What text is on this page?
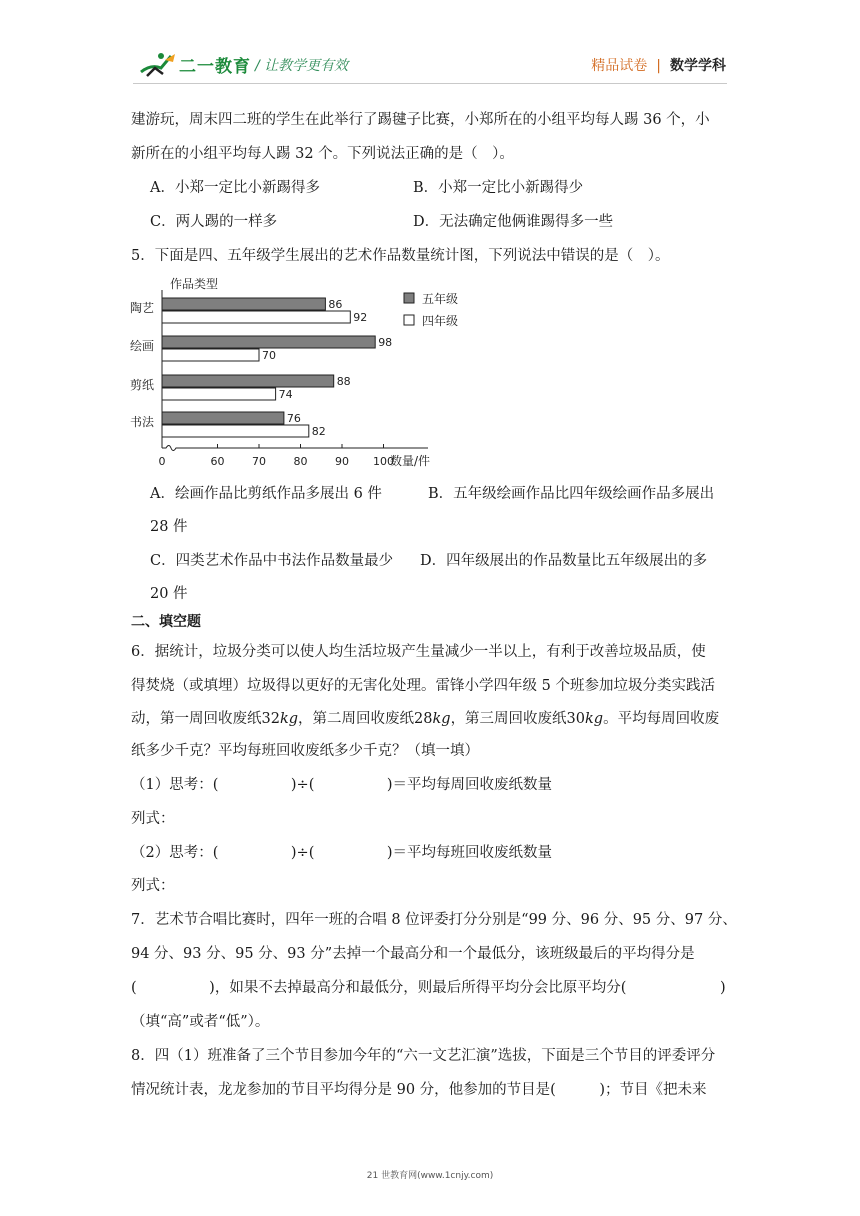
二一教育 / 让教学更有效	精品试卷 | 数学学科
建游玩，周末四二班的学生在此举行了踢毽子比赛，小郑所在的小组平均每人踢 36 个，小
新所在的小组平均每人踢 32 个。下列说法正确的是（　）。
A．小郑一定比小新踢得多	B．小郑一定比小新踢得少
C．两人踢的一样多	D．无法确定他俩谁踢得多一些
5．下面是四、五年级学生展出的艺术作品数量统计图，下列说法中错误的是（　）。
作品类型
数量/件
0	60	70	80	90 100
陶艺	86
92
绘画	98
70
剪纸	88
74
书法	76
82
五年级
四年级
A．绘画作品比剪纸作品多展出 6 件	B．五年级绘画作品比四年级绘画作品多展出
28 件
C．四类艺术作品中书法作品数量最少 D．四年级展出的作品数量比五年级展出的多
20 件
二、填空题
6．据统计，垃圾分类可以使人均生活垃圾产生量减少一半以上，有利于改善垃圾品质，使
得焚烧（或填埋）垃圾得以更好的无害化处理。雷锋小学四年级 5 个班参加垃圾分类实践活
动，第一周回收废纸32kg，第二周回收废纸28kg，第三周回收废纸30kg。平均每周回收废
纸多少千克？平均每班回收废纸多少千克？（填一填）
（1）思考：(　　　　　)÷(　　　　　)＝平均每周回收废纸数量
列式：
（2）思考：(　　　　　)÷(　　　　　)＝平均每班回收废纸数量
列式：
7．艺术节合唱比赛时，四年一班的合唱 8 位评委打分分别是“99 分、96 分、95 分、97 分、
94 分、93 分、95 分、93 分”去掉一个最高分和一个最低分，该班级最后的平均得分是
(　　　　　)，如果不去掉最高分和最低分，则最后所得平均分会比原平均分(	)
（填“高”或者“低”）。
8．四（1）班准备了三个节目参加今年的“六一文艺汇演”选拔，下面是三个节目的评委评分
情况统计表，龙龙参加的节目平均得分是 90 分，他参加的节目是(　　　)；节目《把未来
21 世教育网(www.1cnjy.com)
